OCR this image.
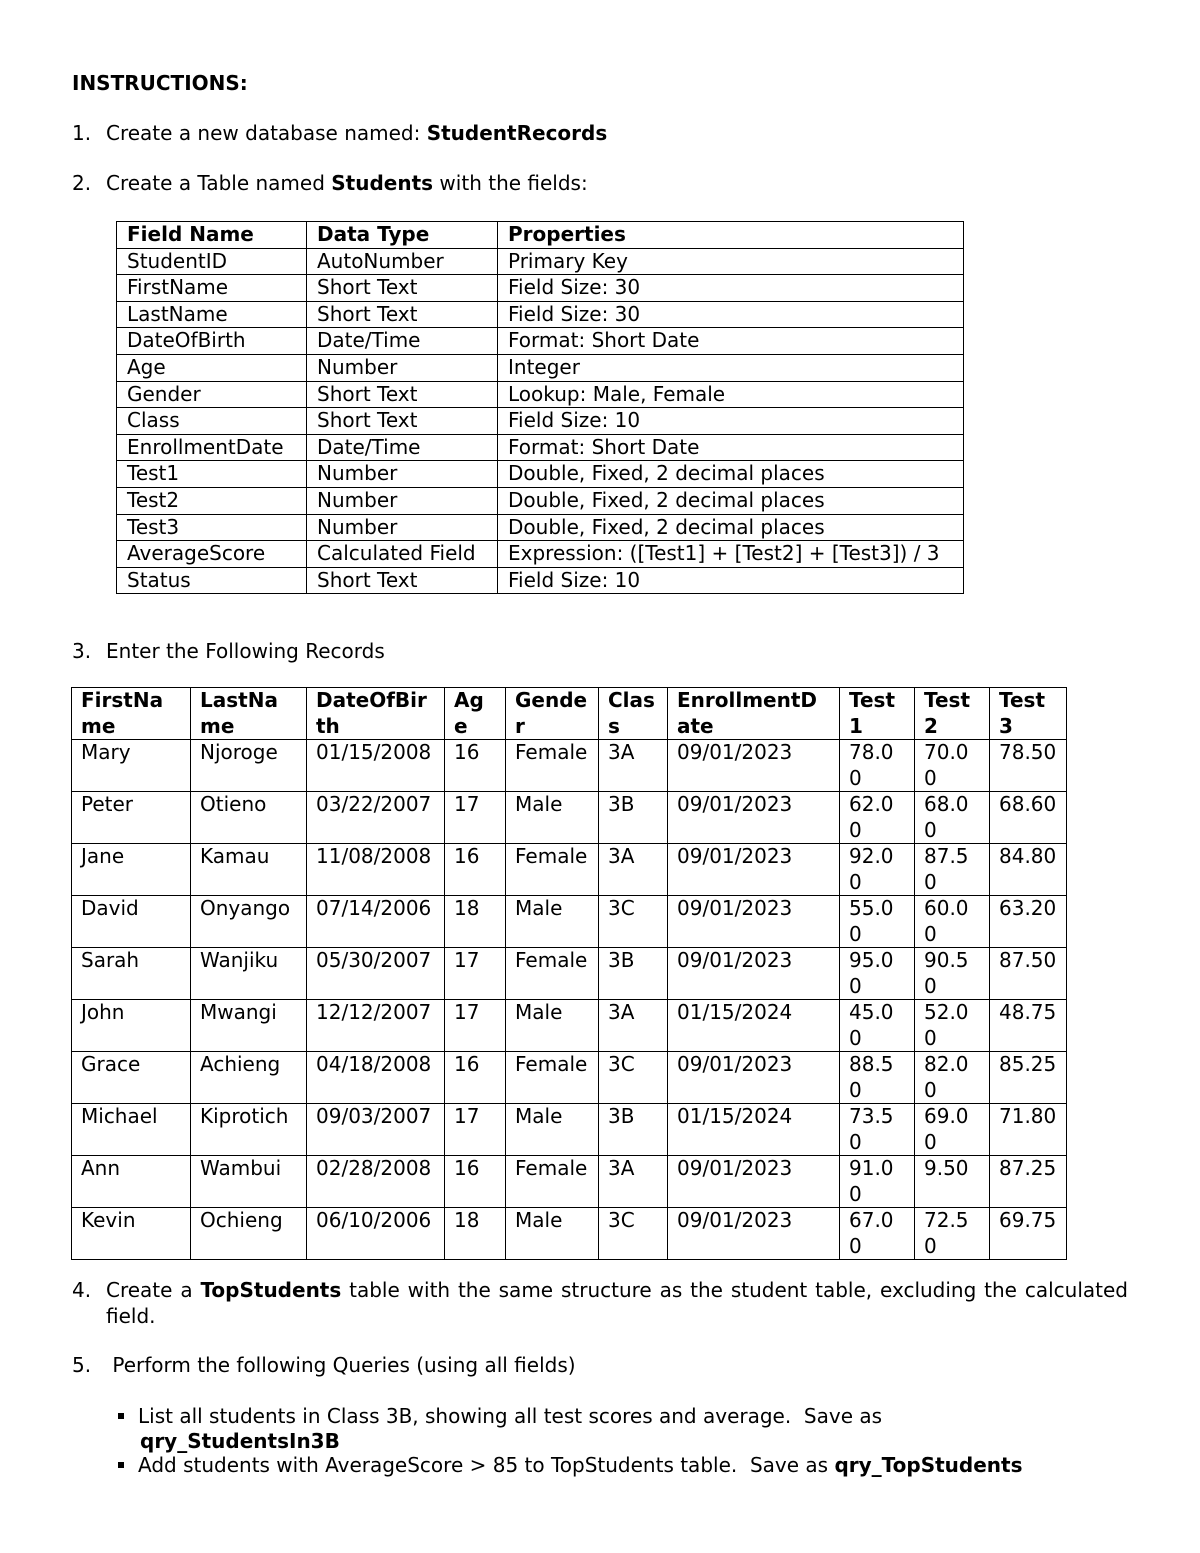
INSTRUCTIONS:
1. Create a new database named: StudentRecords
2. Create a Table named Students with the fields:
Field Name	Data Type	Properties
StudentID	AutoNumber	Primary Key
FirstName	Short Text	Field Size: 30
LastName	Short Text	Field Size: 30
DateOfBirth	Date/Time	Format: Short Date
Age	Number	Integer
Gender	Short Text	Lookup: Male, Female
Class	Short Text	Field Size: 10
EnrollmentDate	Date/Time	Format: Short Date
Test1	Number	Double, Fixed, 2 decimal places
Test2	Number	Double, Fixed, 2 decimal places
Test3	Number	Double, Fixed, 2 decimal places
AverageScore	Calculated Field	Expression: ([Test1] + [Test2] + [Test3]) / 3
Status	Short Text	Field Size: 10
3. Enter the Following Records
FirstName	LastName	DateOfBirth	Age	Gender	Class	EnrollmentDate	Test1	Test2	Test3
Mary	Njoroge	01/15/2008	16	Female	3A	09/01/2023	78.00	70.00	78.50
Peter	Otieno	03/22/2007	17	Male	3B	09/01/2023	62.00	68.00	68.60
Jane	Kamau	11/08/2008	16	Female	3A	09/01/2023	92.00	87.50	84.80
David	Onyango	07/14/2006	18	Male	3C	09/01/2023	55.00	60.00	63.20
Sarah	Wanjiku	05/30/2007	17	Female	3B	09/01/2023	95.00	90.50	87.50
John	Mwangi	12/12/2007	17	Male	3A	01/15/2024	45.00	52.00	48.75
Grace	Achieng	04/18/2008	16	Female	3C	09/01/2023	88.50	82.00	85.25
Michael	Kiprotich	09/03/2007	17	Male	3B	01/15/2024	73.50	69.00	71.80
Ann	Wambui	02/28/2008	16	Female	3A	09/01/2023	91.00	9.50	87.25
Kevin	Ochieng	06/10/2006	18	Male	3C	09/01/2023	67.00	72.50	69.75
4. Create a TopStudents table with the same structure as the student table, excluding the calculated field.
5. Perform the following Queries (using all fields)
List all students in Class 3B, showing all test scores and average.  Save as
qry_StudentsIn3B
Add students with AverageScore > 85 to TopStudents table.  Save as qry_TopStudents
